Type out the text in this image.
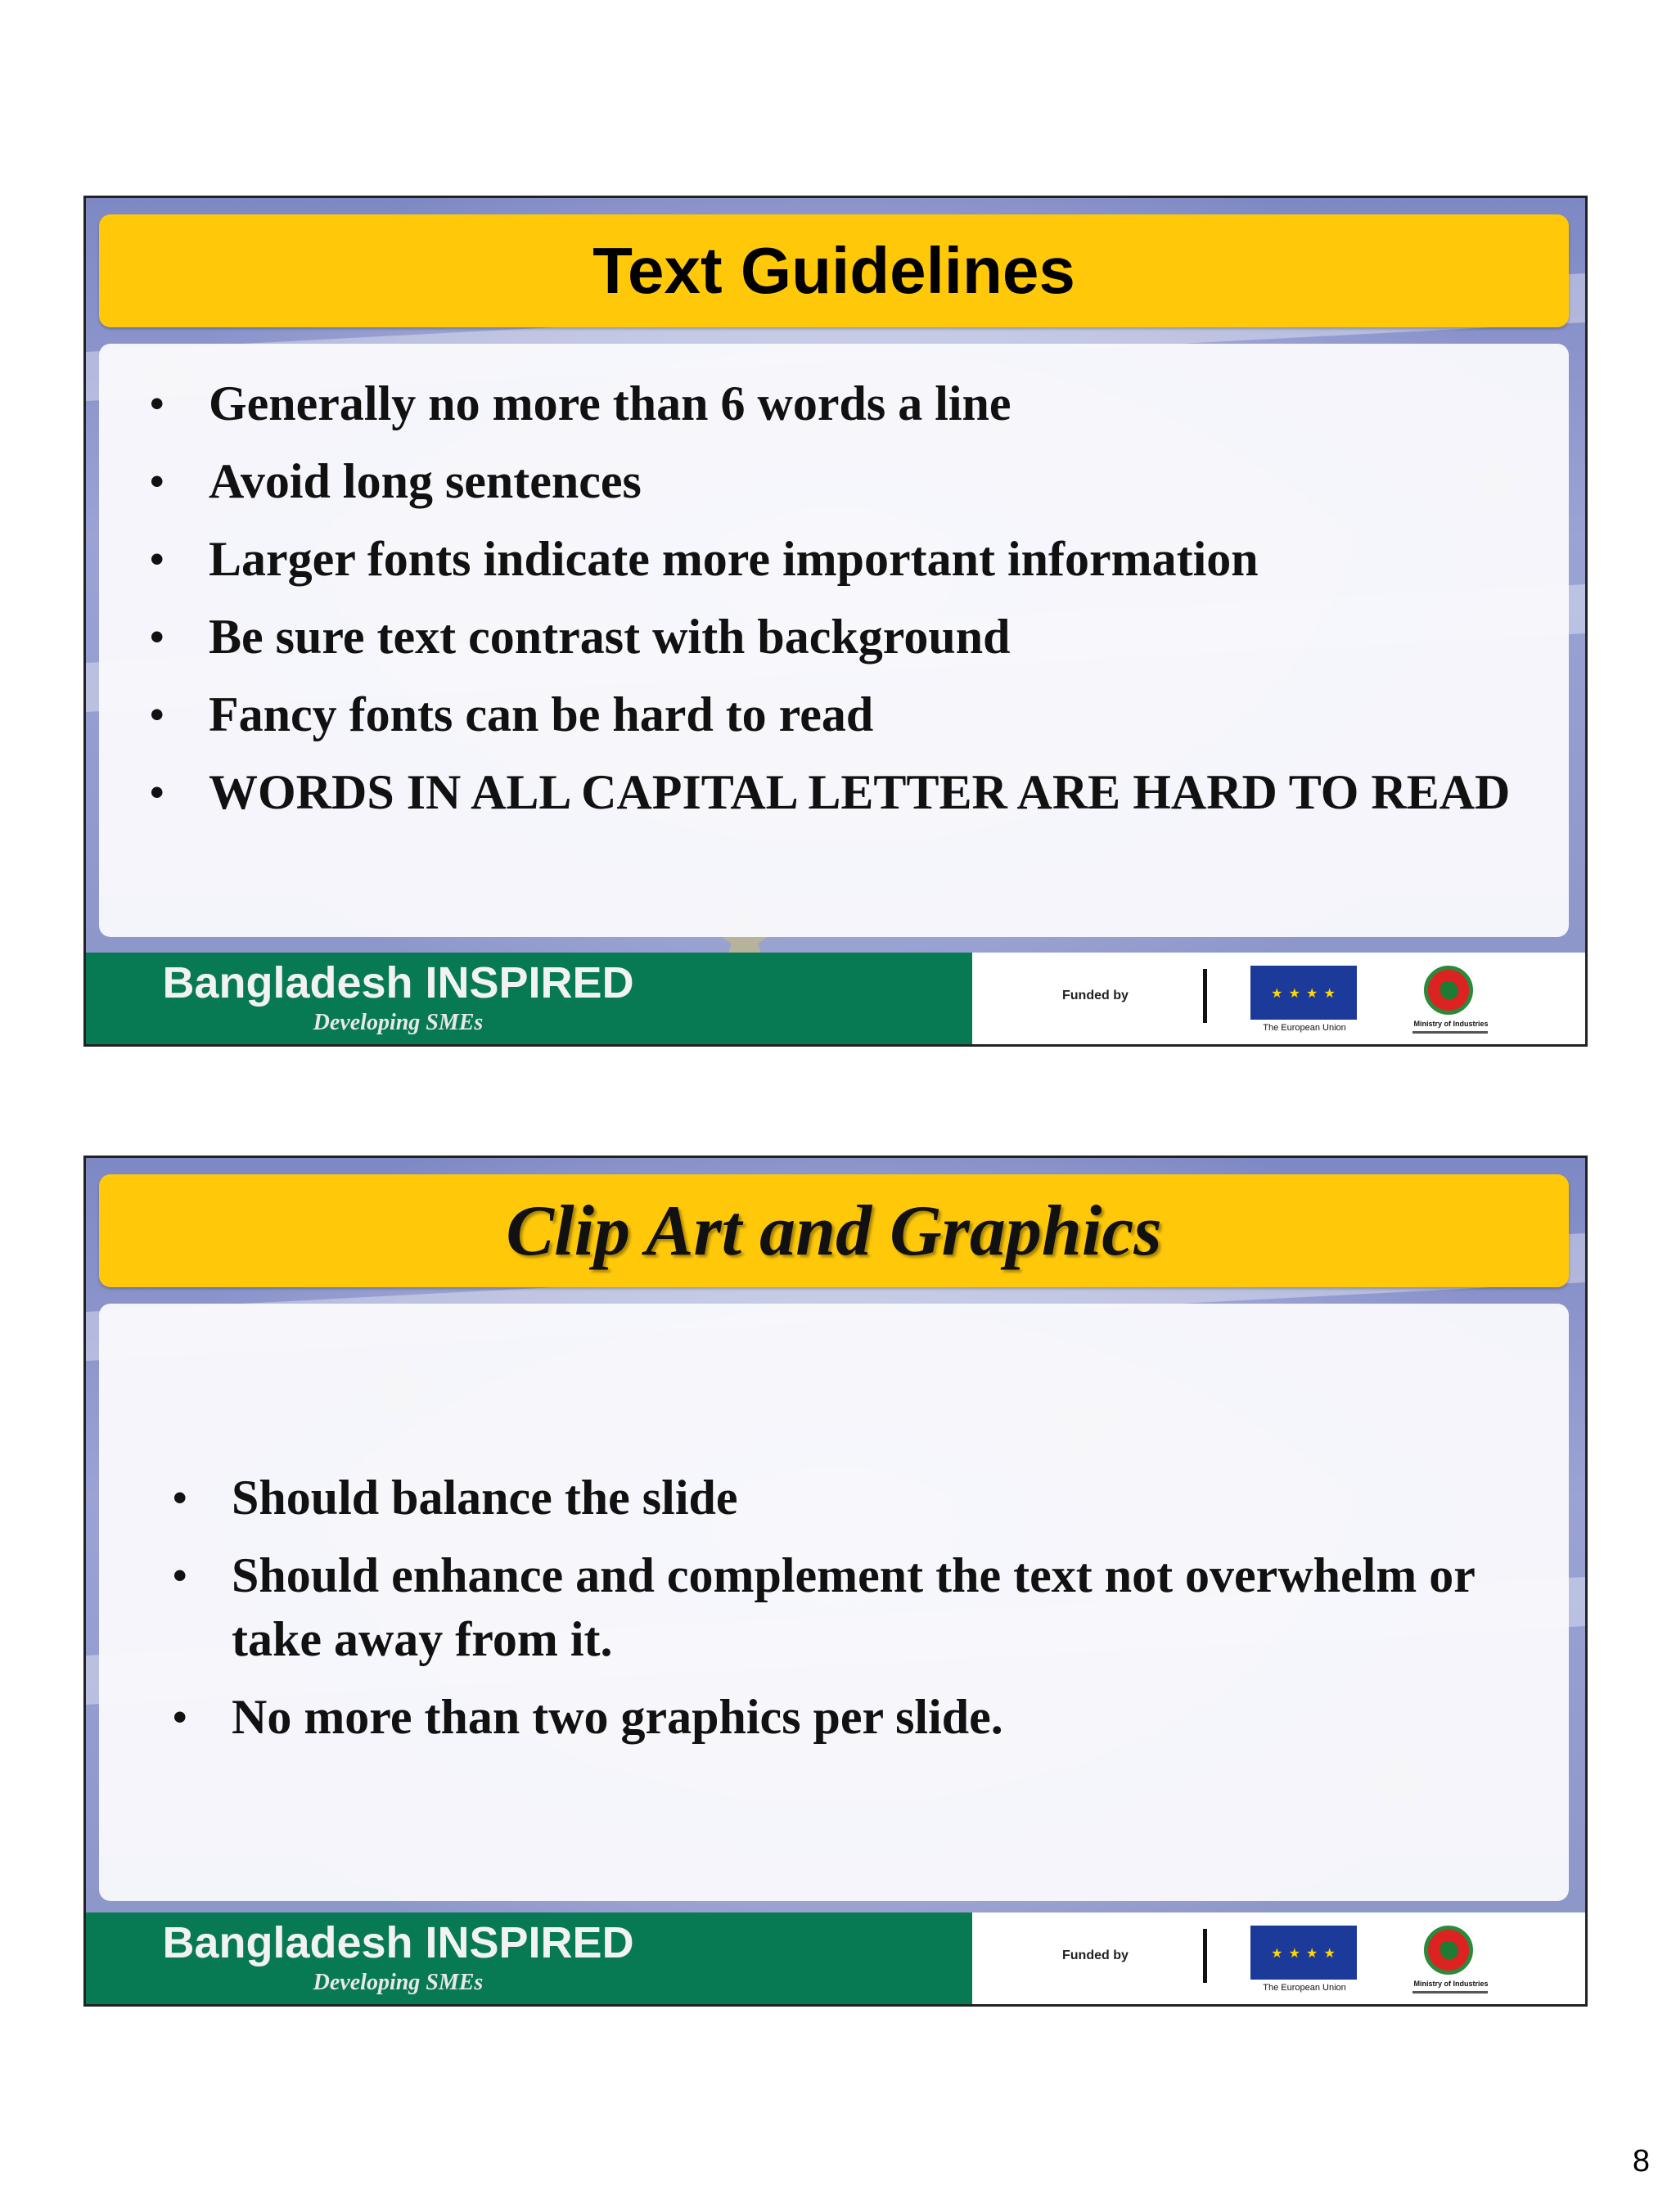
Text Guidelines
• Generally no more than 6 words a line
• Avoid long sentences
• Larger fonts indicate more important information
• Be sure text contrast with background
• Fancy fonts can be hard to read
• WORDS IN ALL CAPITAL LETTER ARE HARD TO READ
Bangladesh INSPIRED
Developing SMEs
Funded by	★ ★ ★ ★
The European Union	Ministry of Industries
Clip Art and Graphics
• Should balance the slide
• Should enhance and complement the text not overwhelm or take away from it.
• No more than two graphics per slide.
Bangladesh INSPIRED
Developing SMEs
Funded by	★ ★ ★ ★
The European Union	Ministry of Industries
8
